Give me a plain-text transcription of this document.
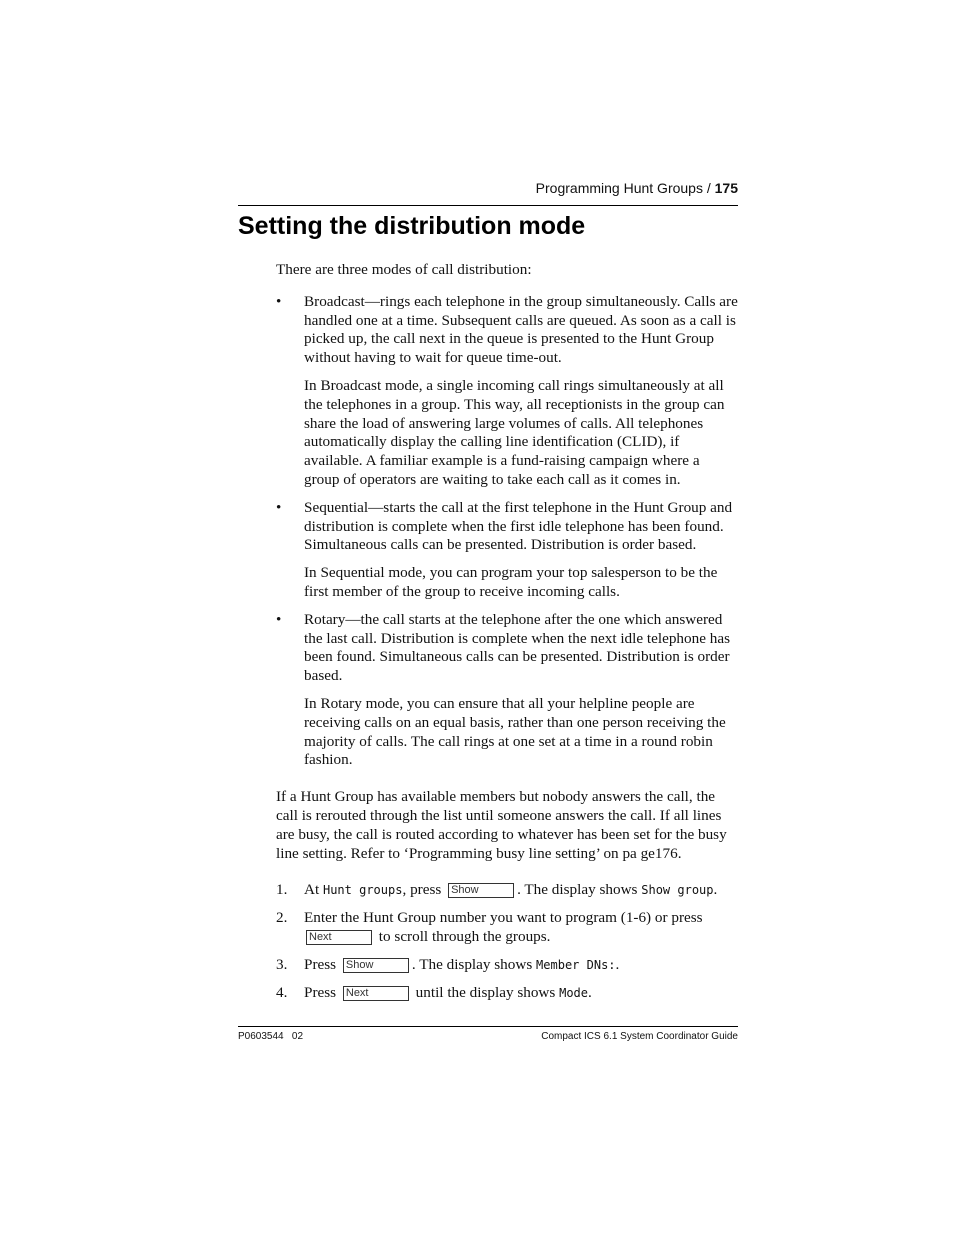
Programming Hunt Groups / 175
Setting the distribution mode

There are three modes of call distribution:

• Broadcast—rings each telephone in the group simultaneously. Calls are handled one at a time. Subsequent calls are queued. As soon as a call is picked up, the call next in the queue is presented to the Hunt Group without having to wait for queue time-out.

In Broadcast mode, a single incoming call rings simultaneously at all the telephones in a group. This way, all receptionists in the group can share the load of answering large volumes of calls. All telephones automatically display the calling line identification (CLID), if available. A familiar example is a fund-raising campaign where a group of operators are waiting to take each call as it comes in.

• Sequential—starts the call at the first telephone in the Hunt Group and distribution is complete when the first idle telephone has been found. Simultaneous calls can be presented. Distribution is order based.

In Sequential mode, you can program your top salesperson to be the first member of the group to receive incoming calls.

• Rotary—the call starts at the telephone after the one which answered the last call. Distribution is complete when the next idle telephone has been found. Simultaneous calls can be presented. Distribution is order based.

In Rotary mode, you can ensure that all your helpline people are receiving calls on an equal basis, rather than one person receiving the majority of calls. The call rings at one set at a time in a round robin fashion.

If a Hunt Group has available members but nobody answers the call, the call is rerouted through the list until someone answers the call. If all lines are busy, the call is routed according to whatever has been set for the busy line setting. Refer to ‘Programming busy line setting’ on pa ge176.

1. At Hunt groups, press Show	. The display shows Show group.
2. Enter the Hunt Group number you want to program (1-6) or press
Next	to scroll through the groups.
3. Press Show	. The display shows Member DNs:.
4. Press Next	until the display shows Mode.
P0603544   02	Compact ICS 6.1 System Coordinator Guide
